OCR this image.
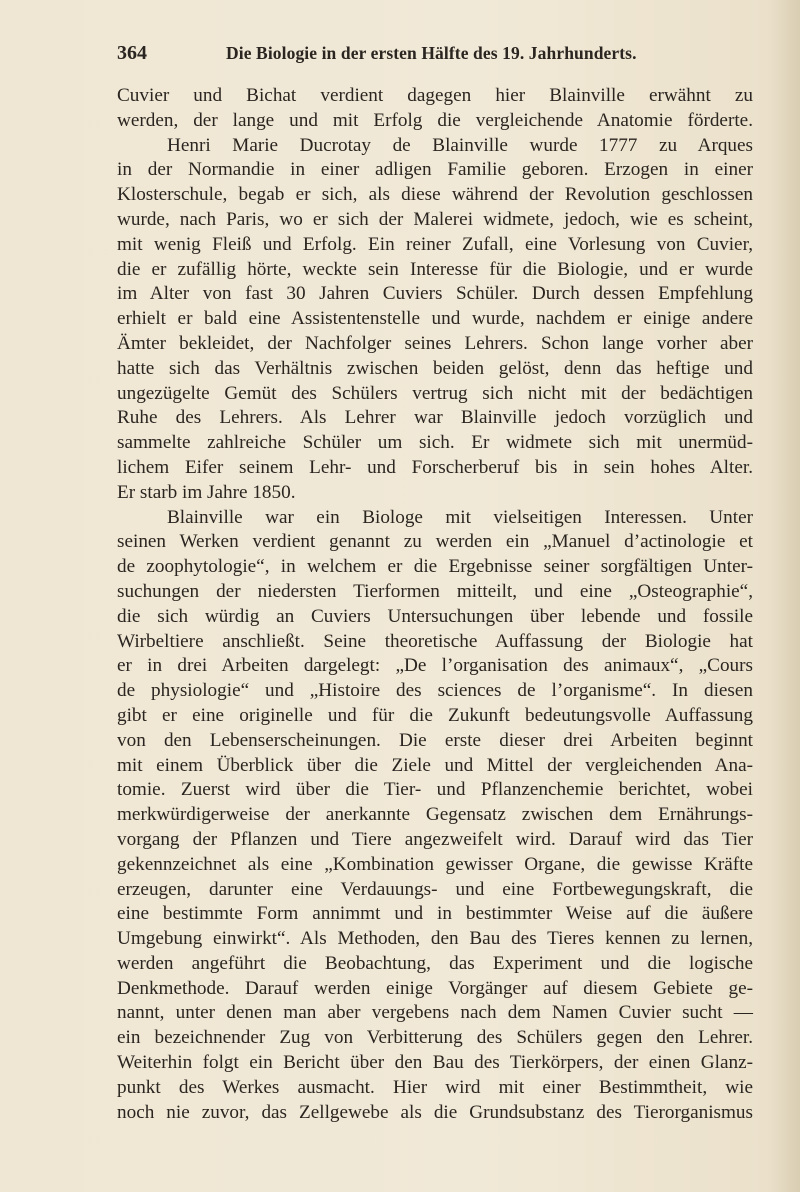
364	Die Biologie in der ersten Hälfte des 19. Jahrhunderts.
Cuvier und Bichat verdient dagegen hier Blainville erwähnt zu
werden, der lange und mit Erfolg die vergleichende Anatomie förderte.
Henri Marie Ducrotay de Blainville wurde 1777 zu Arques
in der Normandie in einer adligen Familie geboren. Erzogen in einer
Klosterschule, begab er sich, als diese während der Revolution geschlossen
wurde, nach Paris, wo er sich der Malerei widmete, jedoch, wie es scheint,
mit wenig Fleiß und Erfolg. Ein reiner Zufall, eine Vorlesung von Cuvier,
die er zufällig hörte, weckte sein Interesse für die Biologie, und er wurde
im Alter von fast 30 Jahren Cuviers Schüler. Durch dessen Empfehlung
erhielt er bald eine Assistentenstelle und wurde, nachdem er einige andere
Ämter bekleidet, der Nachfolger seines Lehrers. Schon lange vorher aber
hatte sich das Verhältnis zwischen beiden gelöst, denn das heftige und
ungezügelte Gemüt des Schülers vertrug sich nicht mit der bedächtigen
Ruhe des Lehrers. Als Lehrer war Blainville jedoch vorzüglich und
sammelte zahlreiche Schüler um sich. Er widmete sich mit unermüd-
lichem Eifer seinem Lehr- und Forscherberuf bis in sein hohes Alter.
Er starb im Jahre 1850.
Blainville war ein Biologe mit vielseitigen Interessen. Unter
seinen Werken verdient genannt zu werden ein „Manuel d’actinologie et
de zoophytologie“, in welchem er die Ergebnisse seiner sorgfältigen Unter-
suchungen der niedersten Tierformen mitteilt, und eine „Osteographie“,
die sich würdig an Cuviers Untersuchungen über lebende und fossile
Wirbeltiere anschließt. Seine theoretische Auffassung der Biologie hat
er in drei Arbeiten dargelegt: „De l’organisation des animaux“, „Cours
de physiologie“ und „Histoire des sciences de l’organisme“. In diesen
gibt er eine originelle und für die Zukunft bedeutungsvolle Auffassung
von den Lebenserscheinungen. Die erste dieser drei Arbeiten beginnt
mit einem Überblick über die Ziele und Mittel der vergleichenden Ana-
tomie. Zuerst wird über die Tier- und Pflanzenchemie berichtet, wobei
merkwürdigerweise der anerkannte Gegensatz zwischen dem Ernährungs-
vorgang der Pflanzen und Tiere angezweifelt wird. Darauf wird das Tier
gekennzeichnet als eine „Kombination gewisser Organe, die gewisse Kräfte
erzeugen, darunter eine Verdauungs- und eine Fortbewegungskraft, die
eine bestimmte Form annimmt und in bestimmter Weise auf die äußere
Umgebung einwirkt“. Als Methoden, den Bau des Tieres kennen zu lernen,
werden angeführt die Beobachtung, das Experiment und die logische
Denkmethode. Darauf werden einige Vorgänger auf diesem Gebiete ge-
nannt, unter denen man aber vergebens nach dem Namen Cuvier sucht —
ein bezeichnender Zug von Verbitterung des Schülers gegen den Lehrer.
Weiterhin folgt ein Bericht über den Bau des Tierkörpers, der einen Glanz-
punkt des Werkes ausmacht. Hier wird mit einer Bestimmtheit, wie
noch nie zuvor, das Zellgewebe als die Grundsubstanz des Tierorganismus
